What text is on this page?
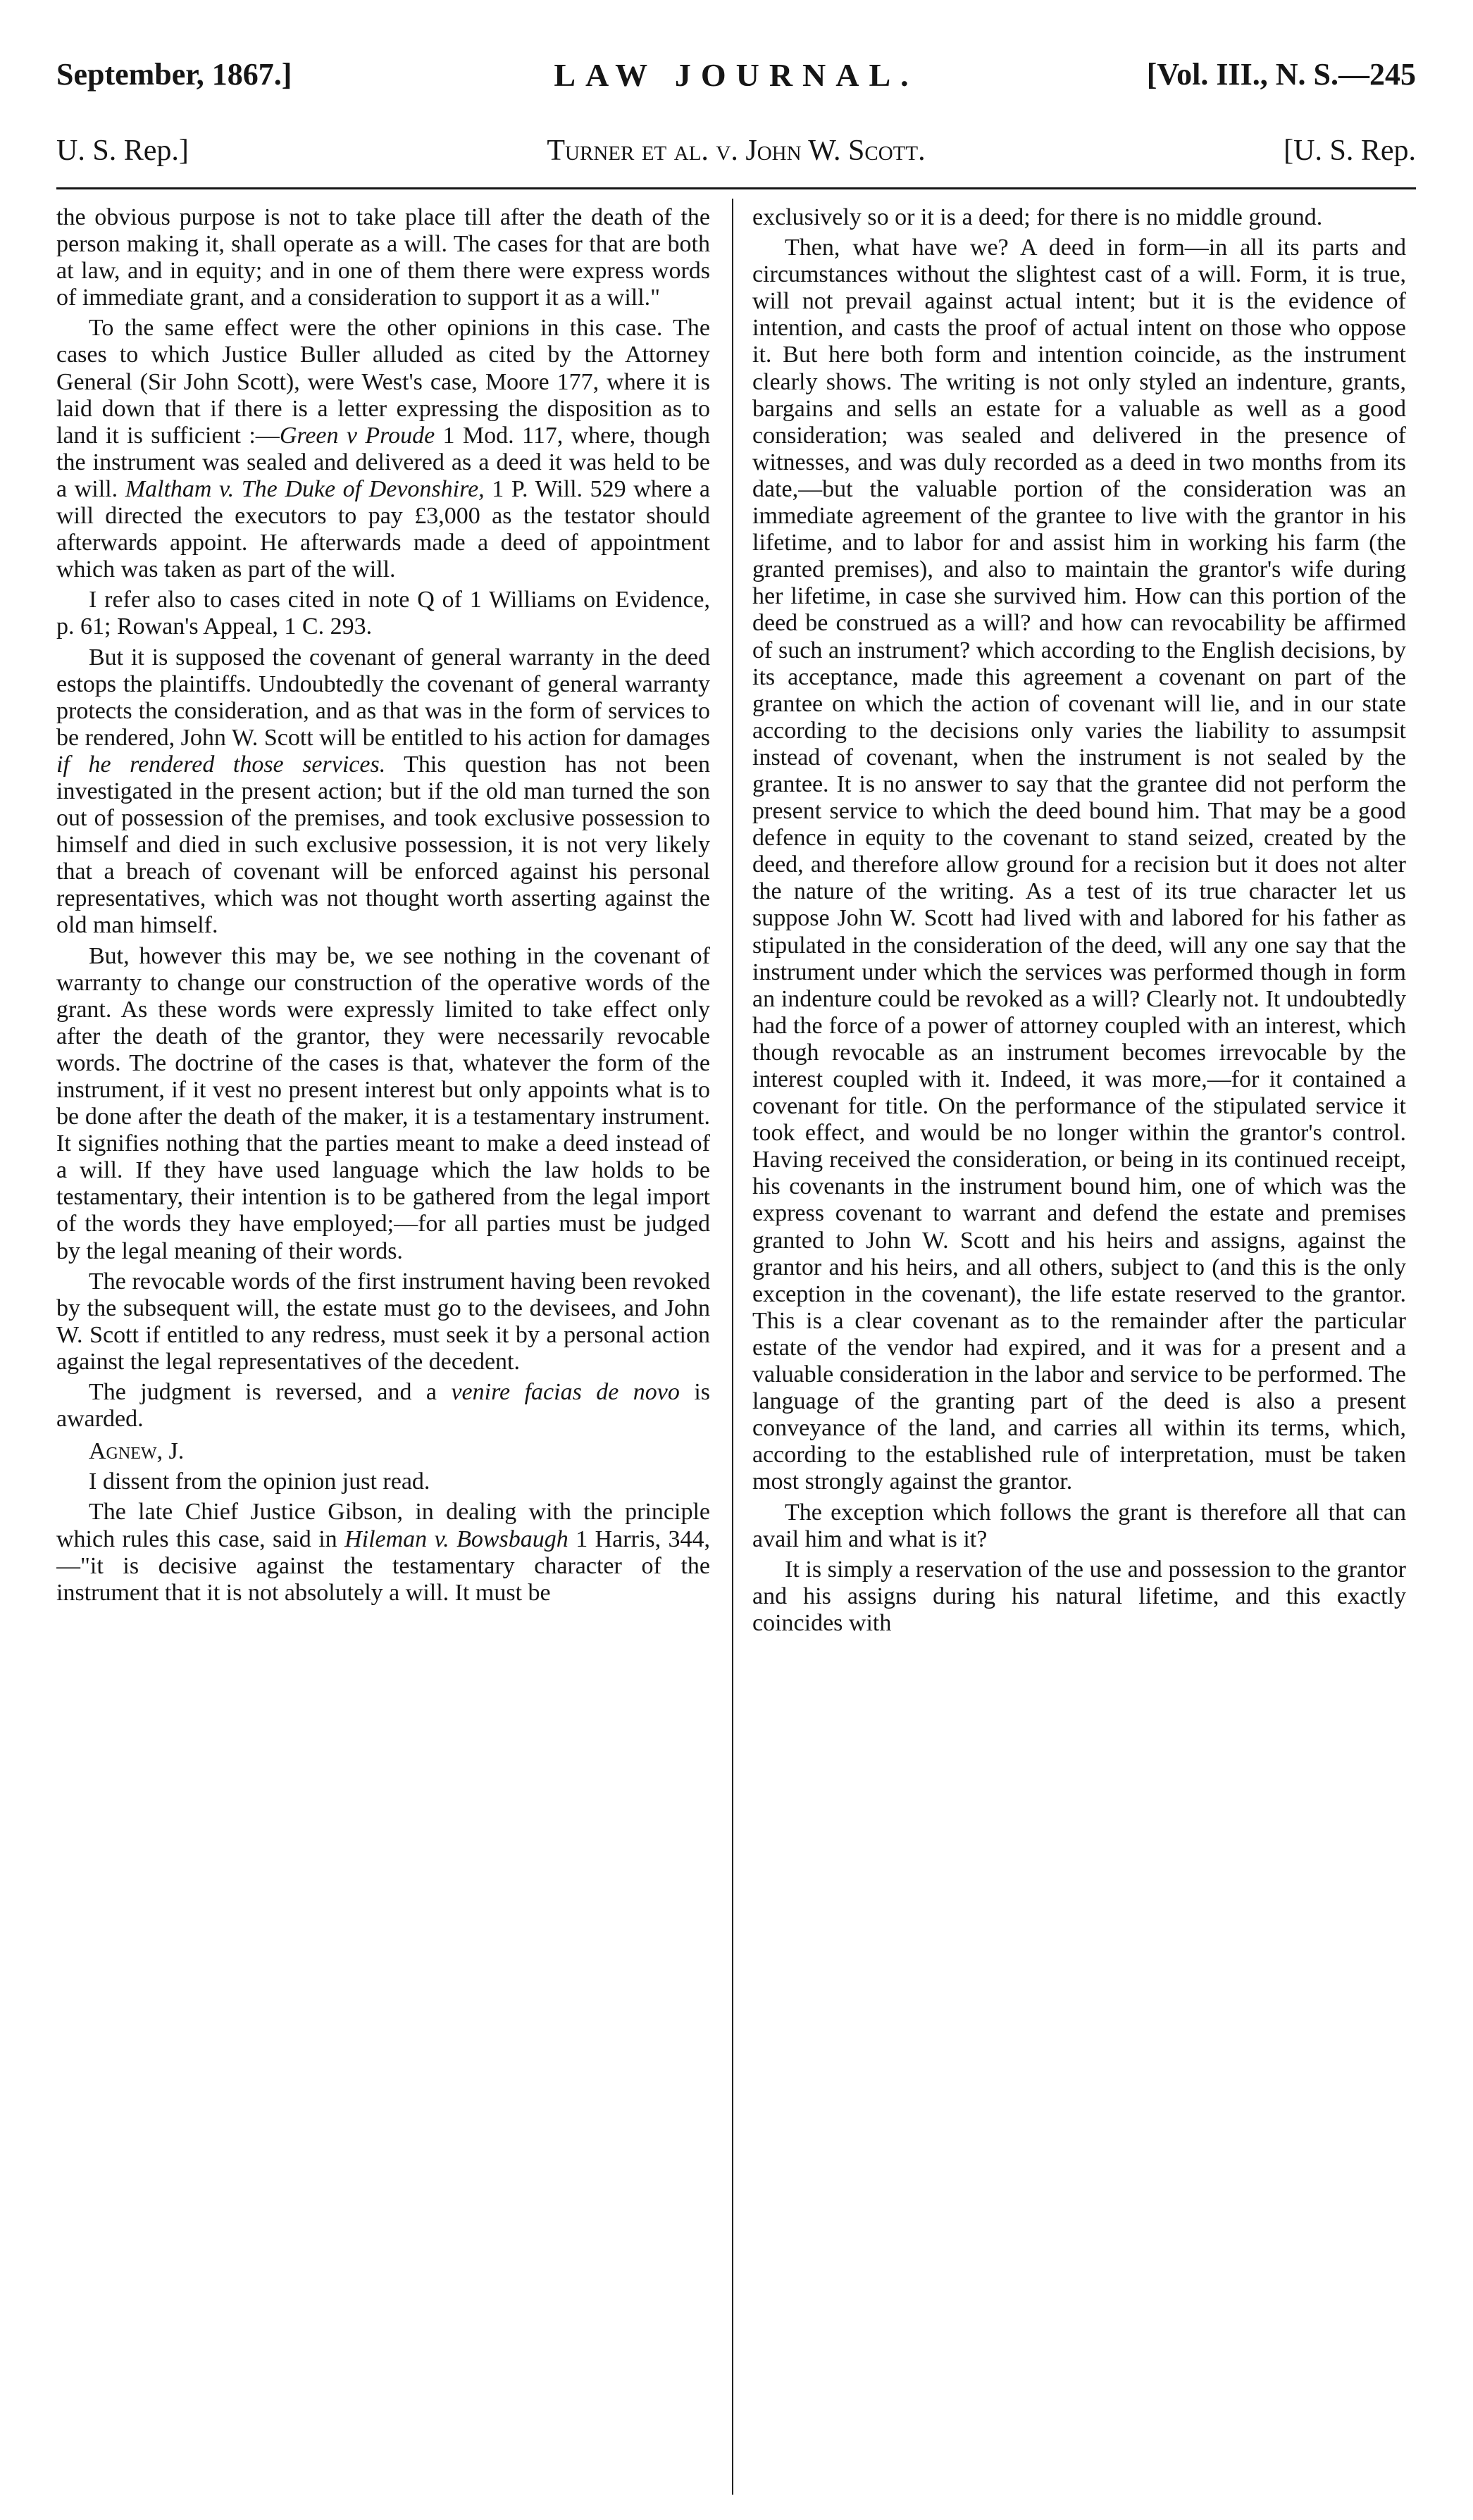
September, 1867.]	LAW JOURNAL.	[Vol. III., N. S.—245
U. S. Rep.]	Turner et al. v. John W. Scott.	[U. S. Rep.

the obvious purpose is not to take place till after the death of the person making it, shall operate as a will. The cases for that are both at law, and in equity; and in one of them there were express words of immediate grant, and a consideration to support it as a will."

To the same effect were the other opinions in this case. The cases to which Justice Buller alluded as cited by the Attorney General (Sir John Scott), were West's case, Moore 177, where it is laid down that if there is a letter expressing the disposition as to land it is sufficient :—Green v Proude 1 Mod. 117, where, though the instrument was sealed and delivered as a deed it was held to be a will. Maltham v. The Duke of Devonshire, 1 P. Will. 529 where a will directed the executors to pay £3,000 as the testator should afterwards appoint. He afterwards made a deed of appointment which was taken as part of the will.

I refer also to cases cited in note Q of 1 Williams on Evidence, p. 61; Rowan's Appeal, 1 C. 293.

But it is supposed the covenant of general warranty in the deed estops the plaintiffs. Undoubtedly the covenant of general warranty protects the consideration, and as that was in the form of services to be rendered, John W. Scott will be entitled to his action for damages if he rendered those services. This question has not been investigated in the present action; but if the old man turned the son out of possession of the premises, and took exclusive possession to himself and died in such exclusive possession, it is not very likely that a breach of covenant will be enforced against his personal representatives, which was not thought worth asserting against the old man himself.

But, however this may be, we see nothing in the covenant of warranty to change our construction of the operative words of the grant. As these words were expressly limited to take effect only after the death of the grantor, they were necessarily revocable words. The doctrine of the cases is that, whatever the form of the instrument, if it vest no present interest but only appoints what is to be done after the death of the maker, it is a testamentary instrument. It signifies nothing that the parties meant to make a deed instead of a will. If they have used language which the law holds to be testamentary, their intention is to be gathered from the legal import of the words they have employed;—for all parties must be judged by the legal meaning of their words.

The revocable words of the first instrument having been revoked by the subsequent will, the estate must go to the devisees, and John W. Scott if entitled to any redress, must seek it by a personal action against the legal representatives of the decedent.

The judgment is reversed, and a venire facias de novo is awarded.

Agnew, J.

I dissent from the opinion just read.

The late Chief Justice Gibson, in dealing with the principle which rules this case, said in Hileman v. Bowsbaugh 1 Harris, 344,—"it is decisive against the testamentary character of the instrument that it is not absolutely a will. It must be

exclusively so or it is a deed; for there is no middle ground.

Then, what have we? A deed in form—in all its parts and circumstances without the slightest cast of a will. Form, it is true, will not prevail against actual intent; but it is the evidence of intention, and casts the proof of actual intent on those who oppose it. But here both form and intention coincide, as the instrument clearly shows. The writing is not only styled an indenture, grants, bargains and sells an estate for a valuable as well as a good consideration; was sealed and delivered in the presence of witnesses, and was duly recorded as a deed in two months from its date,—but the valuable portion of the consideration was an immediate agreement of the grantee to live with the grantor in his lifetime, and to labor for and assist him in working his farm (the granted premises), and also to maintain the grantor's wife during her lifetime, in case she survived him. How can this portion of the deed be construed as a will? and how can revocability be affirmed of such an instrument? which according to the English decisions, by its acceptance, made this agreement a covenant on part of the grantee on which the action of covenant will lie, and in our state according to the decisions only varies the liability to assumpsit instead of covenant, when the instrument is not sealed by the grantee. It is no answer to say that the grantee did not perform the present service to which the deed bound him. That may be a good defence in equity to the covenant to stand seized, created by the deed, and therefore allow ground for a recision but it does not alter the nature of the writing. As a test of its true character let us suppose John W. Scott had lived with and labored for his father as stipulated in the consideration of the deed, will any one say that the instrument under which the services was performed though in form an indenture could be revoked as a will? Clearly not. It undoubtedly had the force of a power of attorney coupled with an interest, which though revocable as an instrument becomes irrevocable by the interest coupled with it. Indeed, it was more,—for it contained a covenant for title. On the performance of the stipulated service it took effect, and would be no longer within the grantor's control. Having received the consideration, or being in its continued receipt, his covenants in the instrument bound him, one of which was the express covenant to warrant and defend the estate and premises granted to John W. Scott and his heirs and assigns, against the grantor and his heirs, and all others, subject to (and this is the only exception in the covenant), the life estate reserved to the grantor. This is a clear covenant as to the remainder after the particular estate of the vendor had expired, and it was for a present and a valuable consideration in the labor and service to be performed. The language of the granting part of the deed is also a present conveyance of the land, and carries all within its terms, which, according to the established rule of interpretation, must be taken most strongly against the grantor.

The exception which follows the grant is therefore all that can avail him and what is it?

It is simply a reservation of the use and possession to the grantor and his assigns during his natural lifetime, and this exactly coincides with
